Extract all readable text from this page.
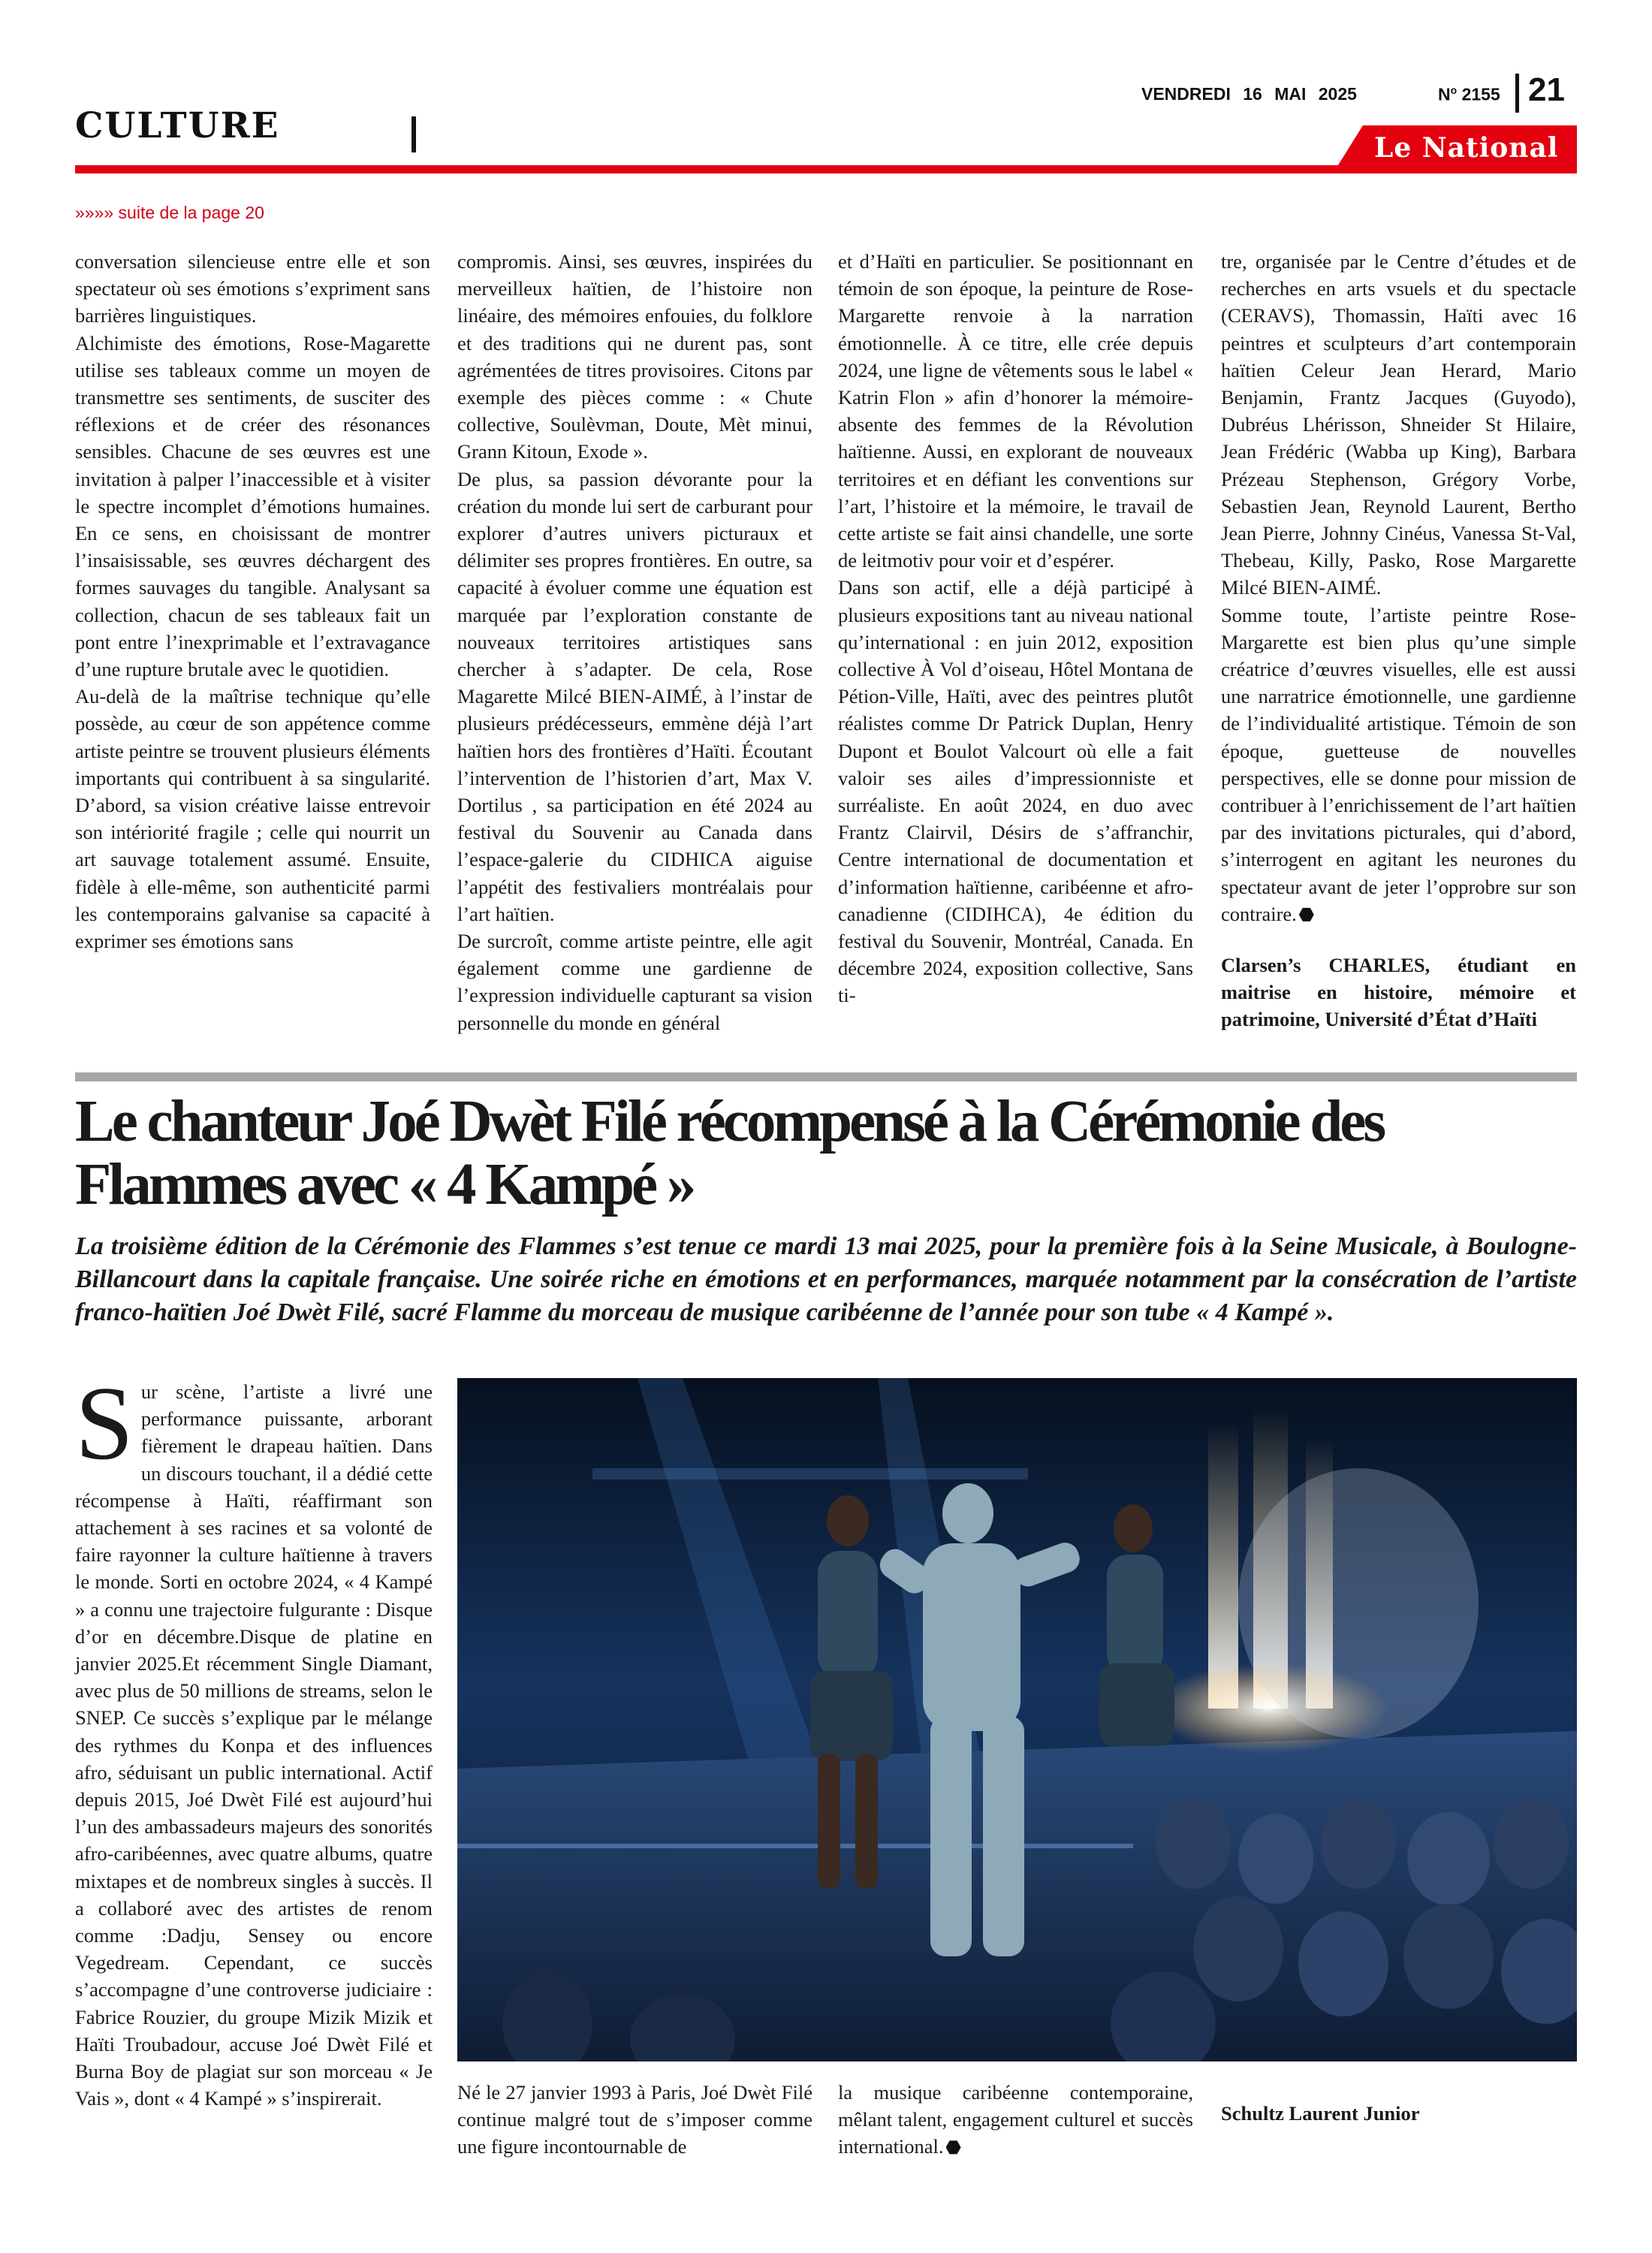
CULTURE
VENDREDI 16 MAI 2025	$N^o$ 2155 21
Le National
»»»» suite de la page 20

conversation silencieuse entre elle et son spectateur où ses émotions s’expriment sans barrières linguistiques.

Alchimiste des émotions, Rose-Magarette utilise ses tableaux comme un moyen de transmettre ses sentiments, de susciter des réflexions et de créer des résonances sensibles. Chacune de ses œuvres est une invitation à palper l’inaccessible et à visiter le spectre incomplet d’émotions humaines. En ce sens, en choisissant de montrer l’insaisissable, ses œuvres déchargent des formes sauvages du tangible. Analysant sa collection, chacun de ses tableaux fait un pont entre l’inexprimable et l’extravagance d’une rupture brutale avec le quotidien.

Au-delà de la maîtrise technique qu’elle possède, au cœur de son appétence comme artiste peintre se trouvent plusieurs éléments importants qui contribuent à sa singularité. D’abord, sa vision créative laisse entrevoir son intériorité fragile ; celle qui nourrit un art sauvage totalement assumé. Ensuite, fidèle à elle-même, son authenticité parmi les contemporains galvanise sa capacité à exprimer ses émotions sans

compromis. Ainsi, ses œuvres, inspirées du merveilleux haïtien, de l’histoire non linéaire, des mémoires enfouies, du folklore et des traditions qui ne durent pas, sont agrémentées de titres provisoires. Citons par exemple des pièces comme : « Chute collective, Soulèvman, Doute, Mèt minui, Grann Kitoun, Exode ».

De plus, sa passion dévorante pour la création du monde lui sert de carburant pour explorer d’autres univers picturaux et délimiter ses propres frontières. En outre, sa capacité à évoluer comme une équation est marquée par l’exploration constante de nouveaux territoires artistiques sans chercher à s’adapter. De cela, Rose Magarette Milcé BIEN-AIMÉ, à l’instar de plusieurs prédécesseurs, emmène déjà l’art haïtien hors des frontières d’Haïti. Écoutant l’intervention de l’historien d’art, Max V. Dortilus , sa participation en été 2024 au festival du Souvenir au Canada dans l’espace-galerie du CIDHICA aiguise l’appétit des festivaliers montréalais pour l’art haïtien.

De surcroît, comme artiste peintre, elle agit également comme une gardienne de l’expression individuelle capturant sa vision personnelle du monde en général

et d’Haïti en particulier. Se positionnant en témoin de son époque, la peinture de Rose-Margarette renvoie à la narration émotionnelle. À ce titre, elle crée depuis 2024, une ligne de vêtements sous le label « Katrin Flon » afin d’honorer la mémoire-absente des femmes de la Révolution haïtienne. Aussi, en explorant de nouveaux territoires et en défiant les conventions sur l’art, l’histoire et la mémoire, le travail de cette artiste se fait ainsi chandelle, une sorte de leitmotiv pour voir et d’espérer.

Dans son actif, elle a déjà participé à plusieurs expositions tant au niveau national qu’international : en juin 2012, exposition collective À Vol d’oiseau, Hôtel Montana de Pétion-Ville, Haïti, avec des peintres plutôt réalistes comme Dr Patrick Duplan, Henry Dupont et Boulot Valcourt où elle a fait valoir ses ailes d’impressionniste et surréaliste. En août 2024, en duo avec Frantz Clairvil, Désirs de s’affranchir, Centre international de documentation et d’information haïtienne, caribéenne et afro-canadienne (CIDIHCA), 4e édition du festival du Souvenir, Montréal, Canada. En décembre 2024, exposition collective, Sans ti-

tre, organisée par le Centre d’études et de recherches en arts vsuels et du spectacle (CERAVS), Thomassin, Haïti avec 16 peintres et sculpteurs d’art contemporain haïtien Celeur Jean Herard, Mario Benjamin, Frantz Jacques (Guyodo), Dubréus Lhérisson, Shneider St Hilaire, Jean Frédéric (Wabba up King), Barbara Prézeau Stephenson, Grégory Vorbe, Sebastien Jean, Reynold Laurent, Bertho Jean Pierre, Johnny Cinéus, Vanessa St-Val, Thebeau, Killy, Pasko, Rose Margarette Milcé BIEN-AIMÉ.

Somme toute, l’artiste peintre Rose-Margarette est bien plus qu’une simple créatrice d’œuvres visuelles, elle est aussi une narratrice émotionnelle, une gardienne de l’individualité artistique. Témoin de son époque, guetteuse de nouvelles perspectives, elle se donne pour mission de contribuer à l’enrichissement de l’art haïtien par des invitations picturales, qui d’abord, s’interrogent en agitant les neurones du spectateur avant de jeter l’opprobre sur son contraire.

Clarsen’s CHARLES, étudiant en maitrise en histoire, mémoire et patrimoine, Université d’État d’Haïti

Le chanteur Joé Dwèt Filé récompensé à la Cérémonie des Flammes avec « 4 Kampé »
La troisième édition de la Cérémonie des Flammes s’est tenue ce mardi 13 mai 2025, pour la première fois à la Seine Musicale, à Boulogne-Billancourt dans la capitale française. Une soirée riche en émotions et en performances, marquée notamment par la consécration de l’artiste franco-haïtien Joé Dwèt Filé, sacré Flamme du morceau de musique caribéenne de l’année pour son tube « 4 Kampé ».

Sur scène, l’artiste a livré une performance puissante, arborant fièrement le drapeau haïtien. Dans un discours touchant, il a dédié cette récompense à Haïti, réaffirmant son attachement à ses racines et sa volonté de faire rayonner la culture haïtienne à travers le monde. Sorti en octobre 2024, « 4 Kampé » a connu une trajectoire fulgurante : Disque d’or en décembre.Disque de platine en janvier 2025.Et récemment Single Diamant, avec plus de 50 millions de streams, selon le SNEP. Ce succès s’explique par le mélange des rythmes du Konpa et des influences afro, séduisant un public international. Actif depuis 2015, Joé Dwèt Filé est aujourd’hui l’un des ambassadeurs majeurs des sonorités afro-caribéennes, avec quatre albums, quatre mixtapes et de nombreux singles à succès. Il a collaboré avec des artistes de renom comme :Dadju, Sensey ou encore Vegedream. Cependant, ce succès s’accompagne d’une controverse judiciaire : Fabrice Rouzier, du groupe Mizik Mizik et Haïti Troubadour, accuse Joé Dwèt Filé et Burna Boy de plagiat sur son morceau « Je Vais », dont « 4 Kampé » s’inspirerait.	Né le 27 janvier 1993 à Paris, Joé Dwèt Filé continue malgré tout de s’imposer comme une figure incontournable de

la musique caribéenne contemporaine, mêlant talent, engagement culturel et succès international.

Schultz Laurent Junior
